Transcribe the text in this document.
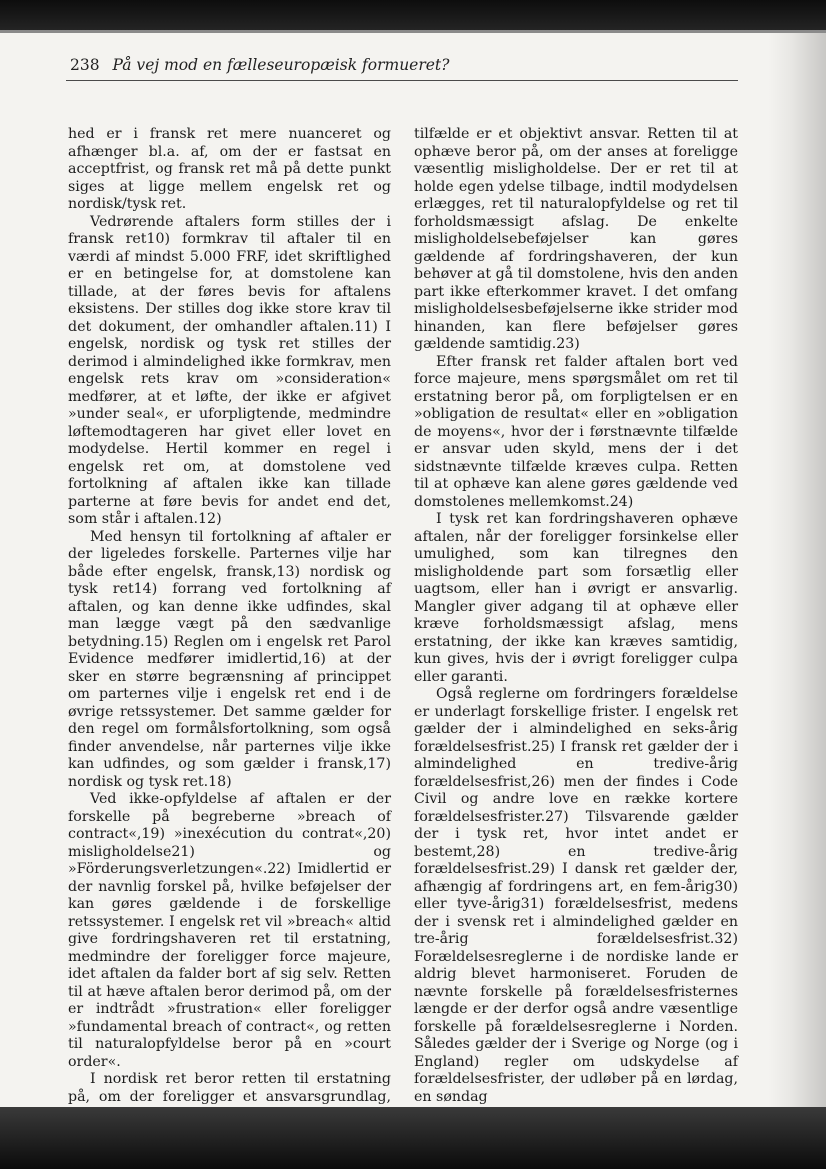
238 På vej mod en fælleseuropæisk formueret?

hed er i fransk ret mere nuanceret og afhænger bl.a. af, om der er fastsat en acceptfrist, og fransk ret må på dette punkt siges at ligge mellem engelsk ret og nordisk/tysk ret.

Vedrørende aftalers form stilles der i fransk ret10) formkrav til aftaler til en værdi af mindst 5.000 FRF, idet skriftlighed er en betingelse for, at domstolene kan tillade, at der føres bevis for aftalens eksistens. Der stilles dog ikke store krav til det dokument, der omhandler aftalen.11) I engelsk, nordisk og tysk ret stilles der derimod i almindelighed ikke formkrav, men engelsk rets krav om »consideration« medfører, at et løfte, der ikke er afgivet »under seal«, er uforpligtende, medmindre løftemodtageren har givet eller lovet en modydelse. Hertil kommer en regel i engelsk ret om, at domstolene ved fortolkning af aftalen ikke kan tillade parterne at føre bevis for andet end det, som står i aftalen.12)

Med hensyn til fortolkning af aftaler er der ligeledes forskelle. Parternes vilje har både efter engelsk, fransk,13) nordisk og tysk ret14) forrang ved fortolkning af aftalen, og kan denne ikke udfindes, skal man lægge vægt på den sædvanlige betydning.15) Reglen om i engelsk ret Parol Evidence medfører imidlertid,16) at der sker en større begrænsning af princippet om parternes vilje i engelsk ret end i de øvrige retssystemer. Det samme gælder for den regel om formålsfortolkning, som også finder anvendelse, når parternes vilje ikke kan udfindes, og som gælder i fransk,17) nordisk og tysk ret.18)

Ved ikke-opfyldelse af aftalen er der forskelle på begreberne »breach of contract«,19) »inexécution du contrat«,20) misligholdelse21) og »Förderungsverletzungen«.22) Imidlertid er der navnlig forskel på, hvilke beføjelser der kan gøres gældende i de forskellige retssystemer. I engelsk ret vil »breach« altid give fordringshaveren ret til erstatning, medmindre der foreligger force majeure, idet aftalen da falder bort af sig selv. Retten til at hæve aftalen beror derimod på, om der er indtrådt »frustration« eller foreligger »fundamental breach of contract«, og retten til naturalopfyldelse beror på en »court order«.

I nordisk ret beror retten til erstatning på, om der foreligger et ansvarsgrundlag,

tilfælde er et objektivt ansvar. Retten til at ophæve beror på, om der anses at foreligge væsentlig misligholdelse. Der er ret til at holde egen ydelse tilbage, indtil modydelsen erlægges, ret til naturalopfyldelse og ret til forholdsmæssigt afslag. De enkelte misligholdelsebeføjelser kan gøres gældende af fordringshaveren, der kun behøver at gå til domstolene, hvis den anden part ikke efterkommer kravet. I det omfang misligholdelsesbeføjelserne ikke strider mod hinanden, kan flere beføjelser gøres gældende samtidig.23)

Efter fransk ret falder aftalen bort ved force majeure, mens spørgsmålet om ret til erstatning beror på, om forpligtelsen er en »obligation de resultat« eller en »obligation de moyens«, hvor der i førstnævnte tilfælde er ansvar uden skyld, mens der i det sidstnævnte tilfælde kræves culpa. Retten til at ophæve kan alene gøres gældende ved domstolenes mellemkomst.24)

I tysk ret kan fordringshaveren ophæve aftalen, når der foreligger forsinkelse eller umulighed, som kan tilregnes den misligholdende part som forsætlig eller uagtsom, eller han i øvrigt er ansvarlig. Mangler giver adgang til at ophæve eller kræve forholdsmæssigt afslag, mens erstatning, der ikke kan kræves samtidig, kun gives, hvis der i øvrigt foreligger culpa eller garanti.

Også reglerne om fordringers forældelse er underlagt forskellige frister. I engelsk ret gælder der i almindelighed en seks-årig forældelsesfrist.25) I fransk ret gælder der i almindelighed en tredive-årig forældelsesfrist,26) men der findes i Code Civil og andre love en række kortere forældelsesfrister.27) Tilsvarende gælder der i tysk ret, hvor intet andet er bestemt,28) en tredive-årig forældelsesfrist.29) I dansk ret gælder der, afhængig af fordringens art, en fem-årig30) eller tyve-årig31) forældelsesfrist, medens der i svensk ret i almindelighed gælder en tre-årig forældelsesfrist.32) Forældelsesreglerne i de nordiske lande er aldrig blevet harmoniseret. Foruden de nævnte forskelle på forældelsesfristernes længde er der derfor også andre væsentlige forskelle på forældelsesreglerne i Norden. Således gælder der i Sverige og Norge (og i England) regler om udskydelse af forældelsesfrister, der udløber på en lørdag, en søndag
